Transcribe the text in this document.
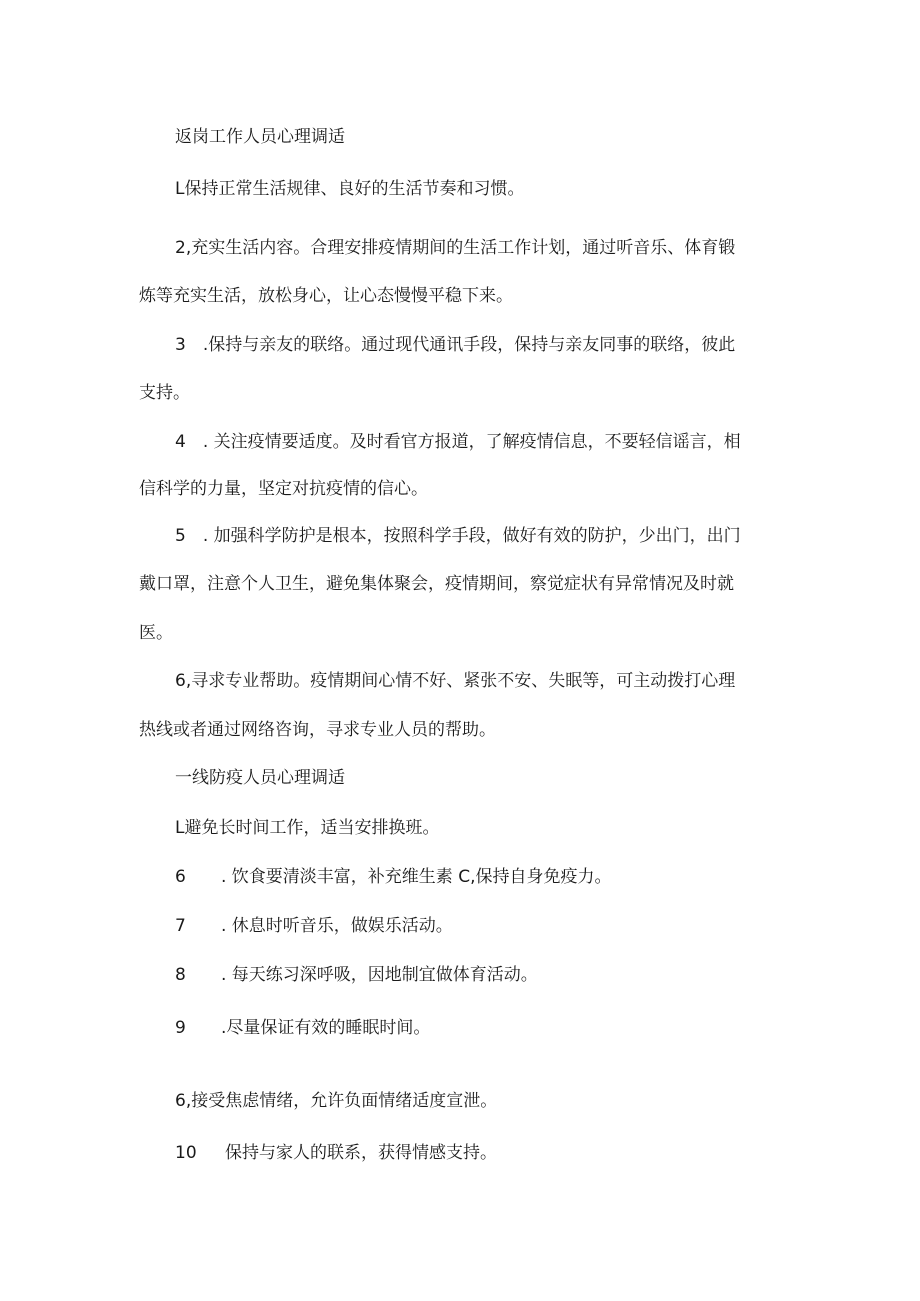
返岗工作人员心理调适
L保持正常生活规律、良好的生活节奏和习惯。
2,充实生活内容。合理安排疫情期间的生活工作计划，通过听音乐、体育锻
炼等充实生活，放松身心，让心态慢慢平稳下来。
3　.保持与亲友的联络。通过现代通讯手段，保持与亲友同事的联络，彼此
支持。
4　. 关注疫情要适度。及时看官方报道，了解疫情信息，不要轻信谣言，相
信科学的力量，坚定对抗疫情的信心。
5　. 加强科学防护是根本，按照科学手段，做好有效的防护，少出门，出门
戴口罩，注意个人卫生，避免集体聚会，疫情期间，察觉症状有异常情况及时就
医。
6,寻求专业帮助。疫情期间心情不好、紧张不安、失眠等，可主动拨打心理
热线或者通过网络咨询，寻求专业人员的帮助。
一线防疫人员心理调适
L避免长时间工作，适当安排换班。
6	. 饮食要清淡丰富，补充维生素 C,保持自身免疫力。
7	. 休息时听音乐，做娱乐活动。
8	. 每天练习深呼吸，因地制宜做体育活动。
9	.尽量保证有效的睡眠时间。
6,接受焦虑情绪，允许负面情绪适度宣泄。
10	保持与家人的联系，获得情感支持。
